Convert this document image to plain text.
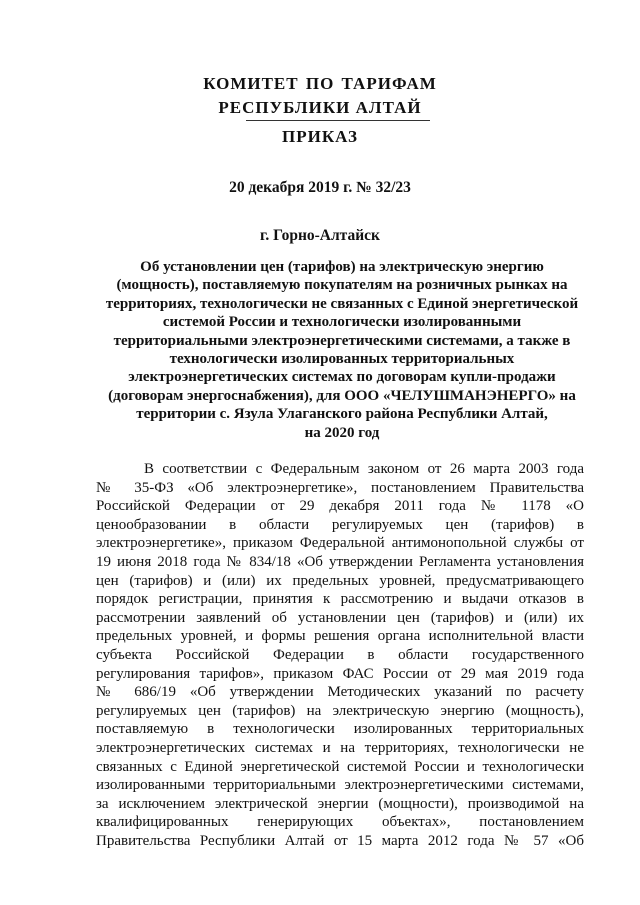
КОМИТЕТ ПО ТАРИФАМ
РЕСПУБЛИКИ АЛТАЙ
ПРИКАЗ
20 декабря 2019 г. № 32/23
г. Горно-Алтайск
Об установлении цен (тарифов) на электрическую энергию
(мощность), поставляемую покупателям на розничных рынках на
территориях, технологически не связанных с Единой энергетической
системой России и технологически изолированными
территориальными электроэнергетическими системами, а также в
технологически изолированных территориальных
электроэнергетических системах по договорам купли-продажи
(договорам энергоснабжения), для ООО «ЧЕЛУШМАНЭНЕРГО» на
территории с. Язула Улаганского района Республики Алтай,
на 2020 год
В соответствии с Федеральным законом от 26 марта 2003 года
№ 35-ФЗ «Об электроэнергетике», постановлением Правительства
Российской Федерации от 29 декабря 2011 года № 1178 «О
ценообразовании в области регулируемых цен (тарифов) в
электроэнергетике», приказом Федеральной антимонопольной службы от
19 июня 2018 года № 834/18 «Об утверждении Регламента установления
цен (тарифов) и (или) их предельных уровней, предусматривающего
порядок регистрации, принятия к рассмотрению и выдачи отказов в
рассмотрении заявлений об установлении цен (тарифов) и (или) их
предельных уровней, и формы решения органа исполнительной власти
субъекта Российской Федерации в области государственного
регулирования тарифов», приказом ФАС России от 29 мая 2019 года
№ 686/19 «Об утверждении Методических указаний по расчету
регулируемых цен (тарифов) на электрическую энергию (мощность),
поставляемую в технологически изолированных территориальных
электроэнергетических системах и на территориях, технологически не
связанных с Единой энергетической системой России и технологически
изолированными территориальными электроэнергетическими системами,
за исключением электрической энергии (мощности), производимой на
квалифицированных генерирующих объектах», постановлением
Правительства Республики Алтай от 15 марта 2012 года № 57 «Об
